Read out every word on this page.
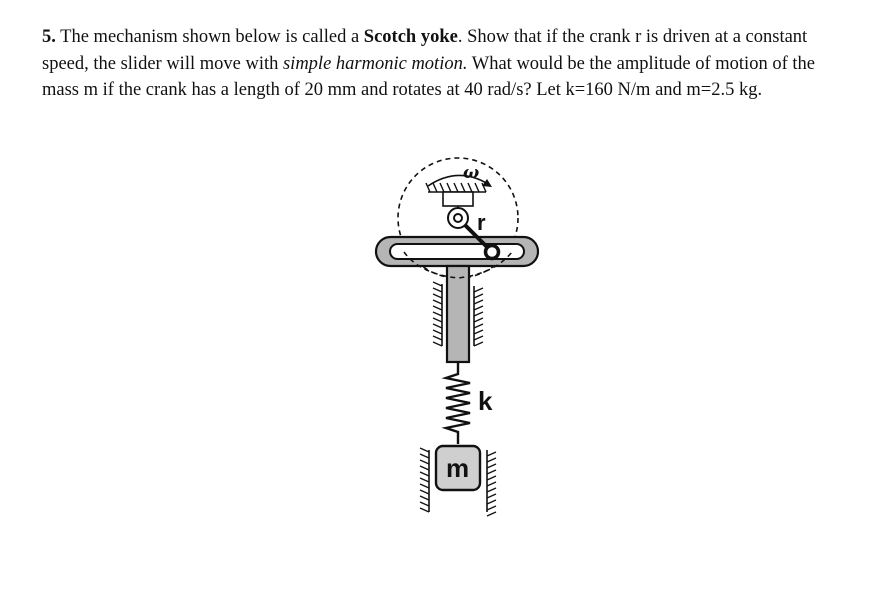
5. The mechanism shown below is called a Scotch yoke. Show that if the crank r is driven at a constant speed, the slider will move with simple harmonic motion. What would be the amplitude of motion of the mass m if the crank has a length of 20 mm and rotates at 40 rad/s? Let k=160 N/m and m=2.5 kg.

ω
r
k
m
